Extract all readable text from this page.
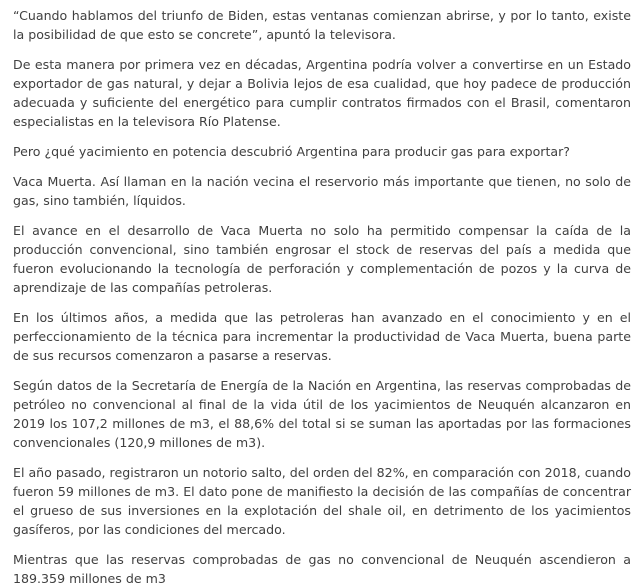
“Cuando hablamos del triunfo de Biden, estas ventanas comienzan abrirse, y por lo tanto, existe la posibilidad de que esto se concrete”, apuntó la televisora.

De esta manera por primera vez en décadas, Argentina podría volver a convertirse en un Estado exportador de gas natural, y dejar a Bolivia lejos de esa cualidad, que hoy padece de producción adecuada y suficiente del energético para cumplir contratos firmados con el Brasil, comentaron especialistas en la televisora Río Platense.

Pero ¿qué yacimiento en potencia descubrió Argentina para producir gas para exportar?

Vaca Muerta. Así llaman en la nación vecina el reservorio más importante que tienen, no solo de gas, sino también, líquidos.

El avance en el desarrollo de Vaca Muerta no solo ha permitido compensar la caída de la producción convencional, sino también engrosar el stock de reservas del país a medida que fueron evolucionando la tecnología de perforación y complementación de pozos y la curva de aprendizaje de las compañías petroleras.

En los últimos años, a medida que las petroleras han avanzado en el conocimiento y en el perfeccionamiento de la técnica para incrementar la productividad de Vaca Muerta, buena parte de sus recursos comenzaron a pasarse a reservas.

Según datos de la Secretaría de Energía de la Nación en Argentina, las reservas comprobadas de petróleo no convencional al final de la vida útil de los yacimientos de Neuquén alcanzaron en 2019 los 107,2 millones de m3, el 88,6% del total si se suman las aportadas por las formaciones convencionales (120,9 millones de m3).

El año pasado, registraron un notorio salto, del orden del 82%, en comparación con 2018, cuando fueron 59 millones de m3. El dato pone de manifiesto la decisión de las compañías de concentrar el grueso de sus inversiones en la explotación del shale oil, en detrimento de los yacimientos gasíferos, por las condiciones del mercado.

Mientras que las reservas comprobadas de gas no convencional de Neuquén ascendieron a 189.359 millones de m3
